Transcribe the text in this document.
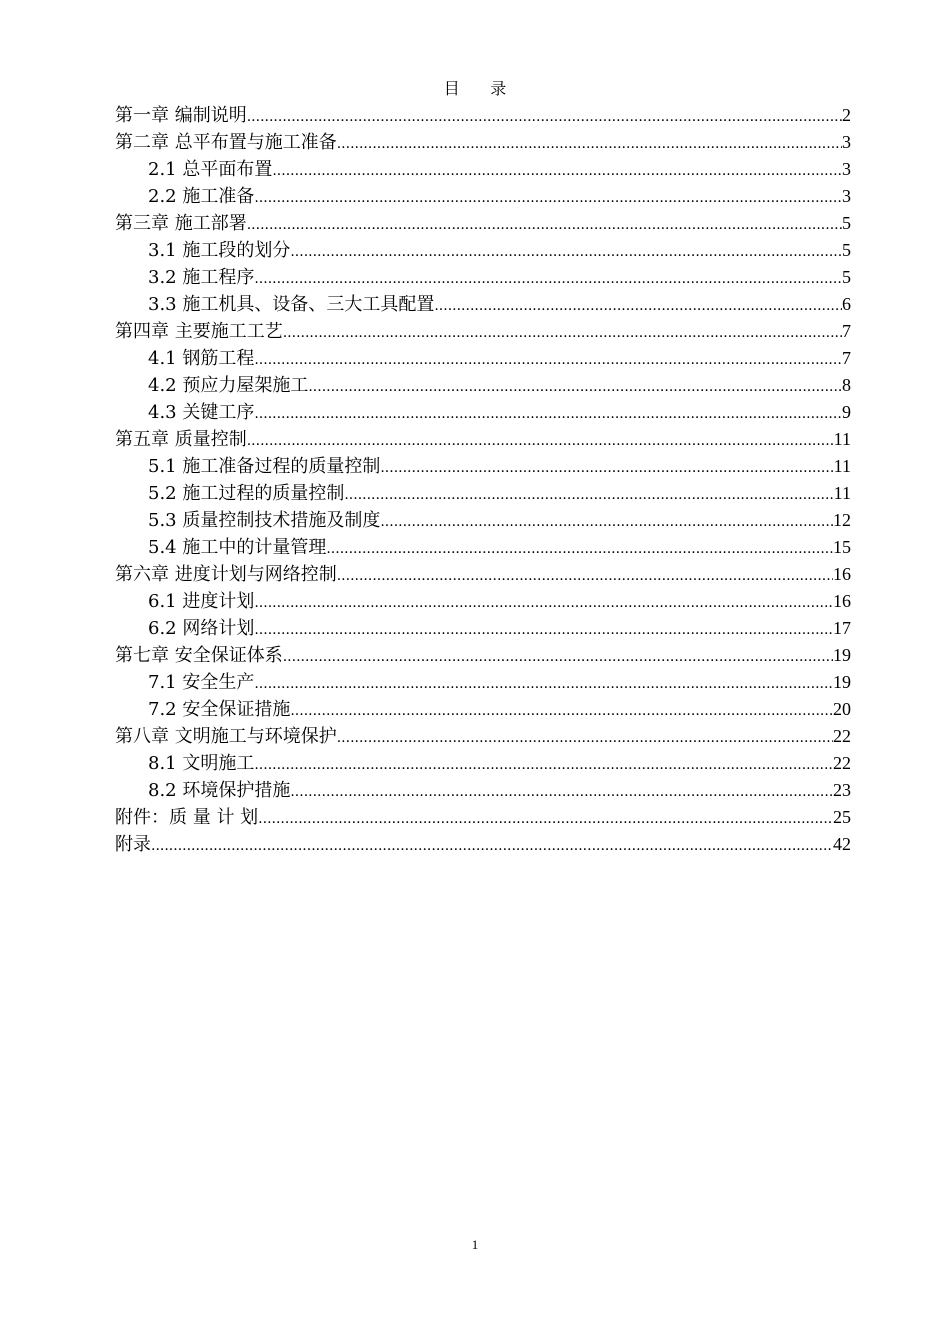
目      录
第一章 编制说明 .....	2
第二章 总平布置与施工准备 .....	3
2.1 总平面布置 .....	3
2.2 施工准备 .....	3
第三章 施工部署 .....	5
3.1 施工段的划分 .....	5
3.2 施工程序 .....	5
3.3 施工机具、设备、三大工具配置 .....	6
第四章 主要施工工艺 .....	7
4.1 钢筋工程 .....	7
4.2 预应力屋架施工 .....	8
4.3 关键工序 .....	9
第五章 质量控制 .....	11
5.1 施工准备过程的质量控制 .....	11
5.2 施工过程的质量控制 .....	11
5.3 质量控制技术措施及制度 .....	12
5.4 施工中的计量管理 .....	15
第六章 进度计划与网络控制 .....	16
6.1 进度计划 .....	16
6.2 网络计划 .....	17
第七章 安全保证体系 .....	19
7.1 安全生产 .....	19
7.2 安全保证措施 .....	20
第八章 文明施工与环境保护 .....	22
8.1 文明施工 .....	22
8.2 环境保护措施 .....	23
附件：质 量 计 划 .....	25
附录 .....	42
1
